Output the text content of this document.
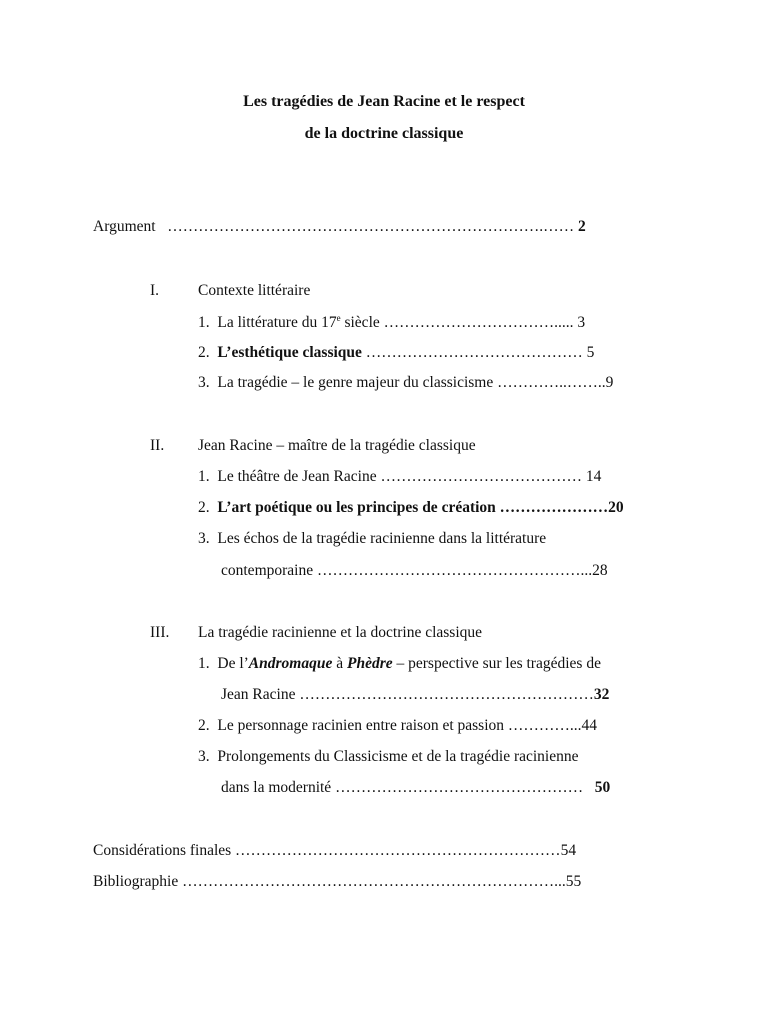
Les tragédies de Jean Racine et le respect
de la doctrine classique
Argument ……………………………………………………………….…… 2
I.	Contexte littéraire
1. La littérature du 17e siècle ……………………………..... 3
2. L’esthétique classique …………………………………… 5
3. La tragédie – le genre majeur du classicisme …………..……..9
II. Jean Racine – maître de la tragédie classique
1. Le théâtre de Jean Racine ………………………………… 14
2. L’art poétique ou les principes de création …………………20
3. Les échos de la tragédie racinienne dans la littérature
contemporaine ……………………………………………...28
III. La tragédie racinienne et la doctrine classique
1. De l’Andromaque à Phèdre – perspective sur les tragédies de
Jean Racine …………………………………………………32
2.  Le personnage racinien entre raison et passion …………...44
3. Prolongements du Classicisme et de la tragédie racinienne
dans la modernité ………………………………………… 50
Considérations finales ………………………………………………………54
Bibliographie ………………………………………………………………...55
